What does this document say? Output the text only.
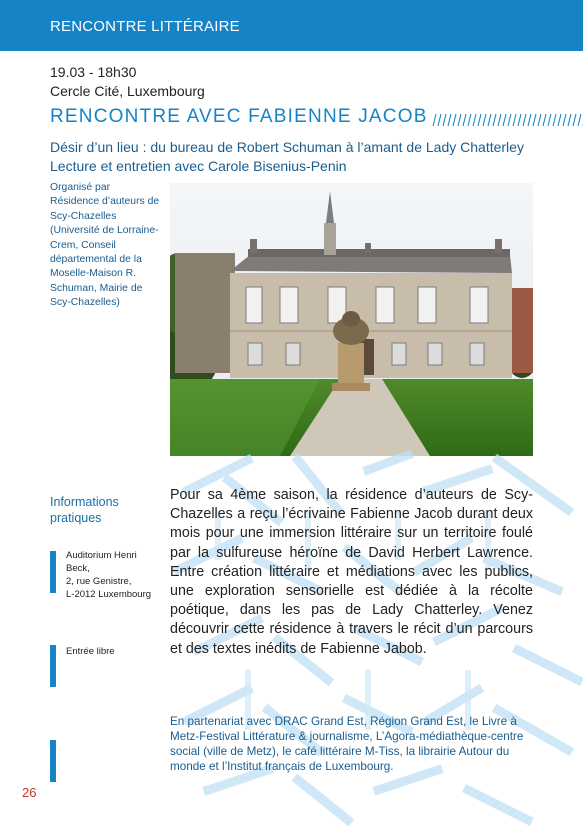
RENCONTRE LITTÉRAIRE
19.03 - 18h30
Cercle Cité, Luxembourg
RENCONTRE AVEC FABIENNE JACOB
Désir d’un lieu : du bureau de Robert Schuman à l’amant de Lady Chatterley
Lecture et entretien avec Carole Bisenius-Penin
Organisé par Résidence d’auteurs de Scy-Chazelles (Université de Lorraine-Crem, Conseil départemental de la Moselle-Maison R. Schuman, Mairie de Scy-Chazelles)
Informations
pratiques
Auditorium Henri
Beck,
2, rue Genistre,
L-2012 Luxembourg
Entrée libre
Pour sa 4ème saison, la résidence d’auteurs de Scy-Chazelles a reçu l’écrivaine Fabienne Jacob durant deux mois pour une immersion littéraire sur un territoire foulé par la sulfureuse héroïne de David Herbert Lawrence. Entre création littéraire et médiations avec les publics, une exploration sensorielle est dédiée à la récolte poétique, dans les pas de Lady Chatterley. Venez découvrir cette résidence à travers le récit d’un parcours et des textes inédits de Fabienne Jabob.
En partenariat avec DRAC Grand Est, Région Grand Est, le Livre à Metz-Festival Littérature & journalisme, L’Agora-médiathèque-centre social (ville de Metz), le café littéraire M-Tiss, la librairie Autour du monde et l’Institut français de Luxembourg.
26
